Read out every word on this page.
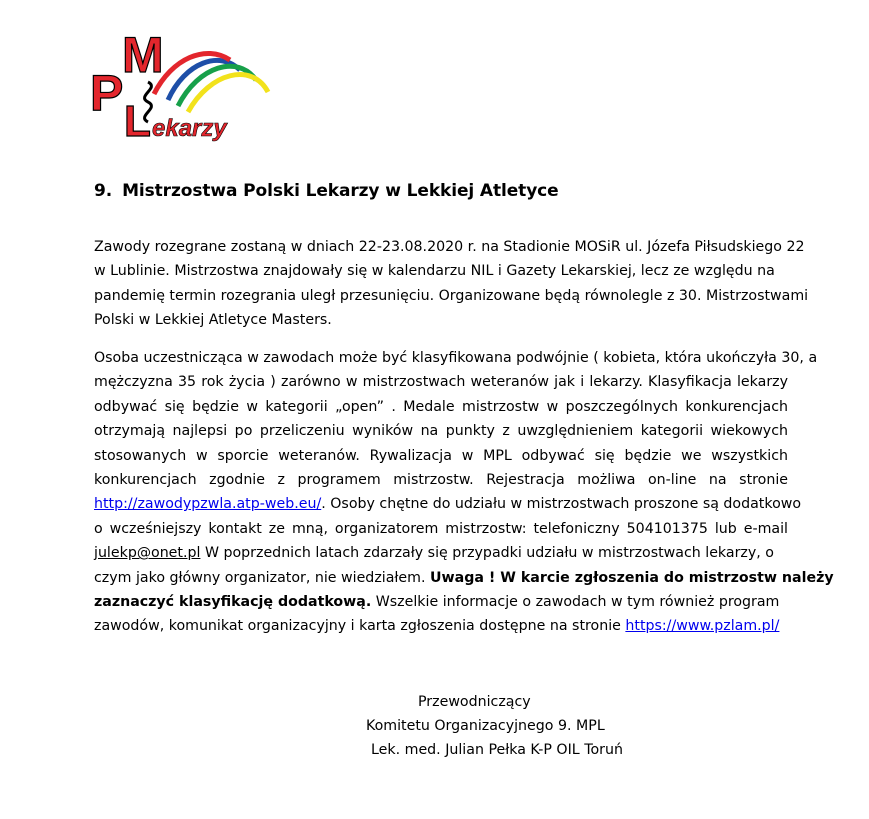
M
P
L ekarzy
9. Mistrzostwa Polski Lekarzy w Lekkiej Atletyce
Zawody rozegrane zostaną w dniach 22-23.08.2020 r. na Stadionie MOSiR ul. Józefa Piłsudskiego 22
w Lublinie. Mistrzostwa znajdowały się w kalendarzu NIL i Gazety Lekarskiej, lecz ze względu na
pandemię termin rozegrania uległ przesunięciu. Organizowane będą równolegle z 30. Mistrzostwami
Polski w Lekkiej Atletyce Masters.
Osoba uczestnicząca w zawodach może być klasyfikowana podwójnie ( kobieta, która ukończyła 30, a
mężczyzna 35 rok życia ) zarówno w mistrzostwach weteranów jak i lekarzy. Klasyfikacja lekarzy
odbywać się będzie w kategorii „open” . Medale mistrzostw w poszczególnych konkurencjach
otrzymają najlepsi po przeliczeniu wyników na punkty z uwzględnieniem kategorii wiekowych
stosowanych w sporcie weteranów. Rywalizacja w MPL odbywać się będzie we wszystkich
konkurencjach zgodnie z programem mistrzostw. Rejestracja możliwa on-line na stronie
http://zawodypzwla.atp-web.eu/. Osoby chętne do udziału w mistrzostwach proszone są dodatkowo
o wcześniejszy kontakt ze mną, organizatorem mistrzostw: telefoniczny 504101375 lub e-mail
julekp@onet.pl W poprzednich latach zdarzały się przypadki udziału w mistrzostwach lekarzy, o
czym jako główny organizator, nie wiedziałem. Uwaga ! W karcie zgłoszenia do mistrzostw należy
zaznaczyć klasyfikację dodatkową. Wszelkie informacje o zawodach w tym również program
zawodów, komunikat organizacyjny i karta zgłoszenia dostępne na stronie https://www.pzlam.pl/
Przewodniczący
Komitetu Organizacyjnego 9. MPL
Lek. med. Julian Pełka K-P OIL Toruń
